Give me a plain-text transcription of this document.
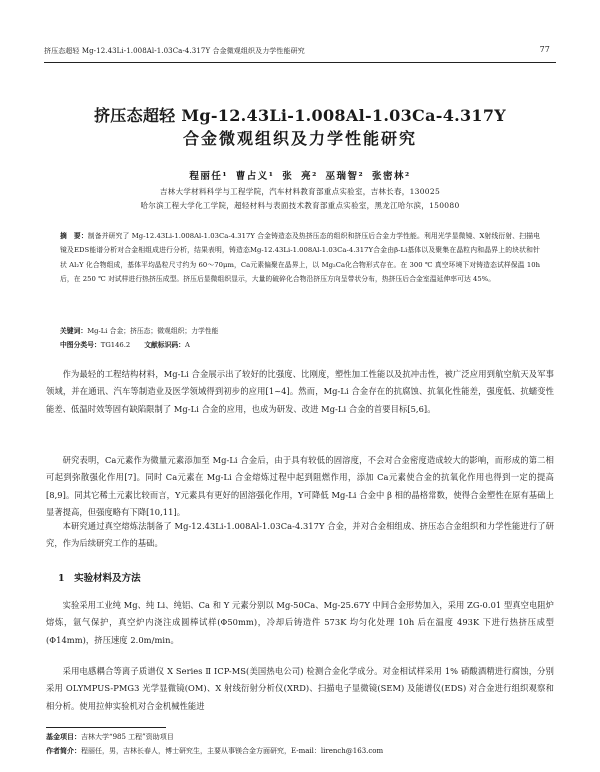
挤压态超轻 Mg-12.43Li-1.008Al-1.03Ca-4.317Y 合金微观组织及力学性能研究	77
挤压态超轻 Mg-12.43Li-1.008Al-1.03Ca-4.317Y
合金微观组织及力学性能研究
程丽任¹ 曹占义¹ 张 亮² 巫瑞智² 张密林²
吉林大学材料科学与工程学院，汽车材料教育部重点实验室，吉林长春，130025
哈尔滨工程大学化工学院，超轻材料与表面技术教育部重点实验室，黑龙江哈尔滨，150080
摘　要：制备并研究了 Mg-12.43Li-1.008Al-1.03Ca-4.317Y 合金铸造态及热挤压态的组织和挤压后合金力学性能。利用光学显微镜、X射线衍射、扫描电镜及EDS能谱分析对合金相组成进行分析，结果表明，铸造态Mg-12.43Li-1.008Al-1.03Ca-4.317Y合金由β-Li基体以及聚集在晶粒内和晶界上的块状和针状 Al₂Y 化合物组成，基体平均晶粒尺寸约为 60～70μm，Ca元素偏聚在晶界上，以 Mg₂Ca化合物形式存在。在 300 ℃ 真空环境下对铸造态试样保温 10h后，在 250 ℃ 对试样进行热挤压成型。挤压后显微组织显示，大量的破碎化合物沿挤压方向呈带状分布，热挤压后合金室温延伸率可达 45%。
关键词：Mg-Li 合金；挤压态；微观组织；力学性能
中图分类号：TG146.2 文献标识码：A
作为最轻的工程结构材料，Mg-Li 合金展示出了较好的比强度、比刚度，塑性加工性能以及抗冲击性，被广泛应用到航空航天及军事领域，并在通讯、汽车等制造业及医学领域得到初步的应用[1~4]。然而，Mg-Li 合金存在的抗腐蚀、抗氧化性能差，强度低、抗蠕变性能差、低温时效等固有缺陷限制了 Mg-Li 合金的应用，也成为研发、改进 Mg-Li 合金的首要目标[5,6]。
研究表明，Ca元素作为微量元素添加至 Mg-Li 合金后，由于具有较低的固溶度，不会对合金密度造成较大的影响，而形成的第二相可起到弥散强化作用[7]。同时 Ca元素在 Mg-Li 合金熔炼过程中起到阻燃作用，添加 Ca元素使合金的抗氧化作用也得到一定的提高[8,9]。同其它稀土元素比较而言，Y元素具有更好的固溶强化作用，Y可降低 Mg-Li 合金中 β 相的晶格常数，使得合金塑性在原有基础上显著提高，但强度略有下降[10,11]。
本研究通过真空熔炼法制备了 Mg-12.43Li-1.008Al-1.03Ca-4.317Y 合金，并对合金相组成、挤压态合金组织和力学性能进行了研究，作为后续研究工作的基础。
1　实验材料及方法
实验采用工业纯 Mg、纯 Li、纯铝、Ca 和 Y 元素分别以 Mg-50Ca、Mg-25.67Y 中间合金形势加入，采用 ZG-0.01 型真空电阻炉熔炼，氩气保护，真空炉内浇注成圆棒试样(Φ50mm)，冷却后铸造件 573K 均匀化处理 10h 后在温度 493K 下进行热挤压成型(Φ14mm)，挤压速度 2.0m/min。
采用电感耦合等离子质谱仪 X Series Ⅱ ICP-MS(美国热电公司) 检测合金化学成分。对金相试样采用 1% 硝酸酒精进行腐蚀，分别采用 OLYMPUS-PMG3 光学显微镜(OM)、X 射线衍射分析仪(XRD)、扫描电子显微镜(SEM) 及能谱仪(EDS) 对合金进行组织观察和相分析。使用拉伸实验机对合金机械性能进
基金项目：吉林大学“985 工程”资助项目
作者简介：程丽任，男，吉林长春人，博士研究生，主要从事镁合金方面研究，E-mail：lirench@163.com
